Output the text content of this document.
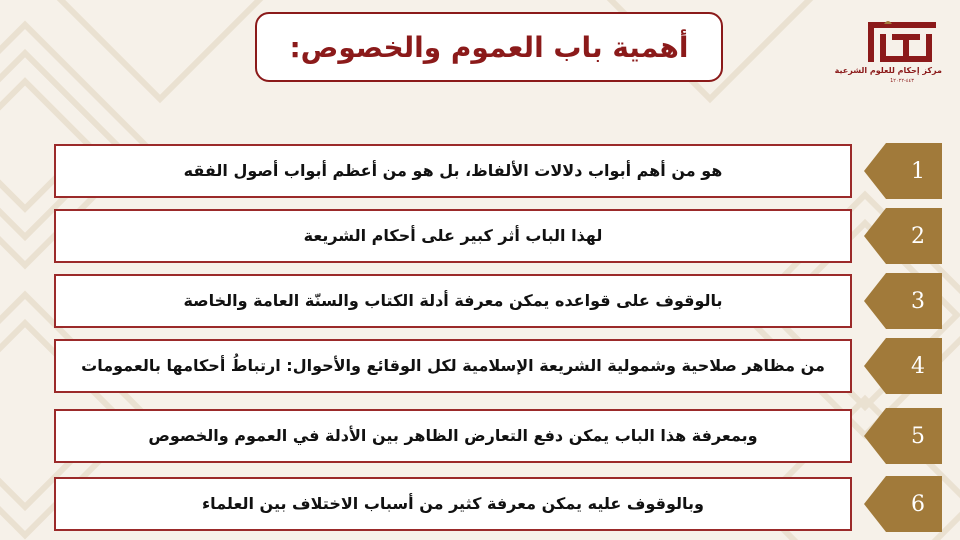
أهمية باب العموم والخصوص:
مركز إحكام للعلوم الشرعية
1٤٤٣-٢٠٢٢
هو من أهم أبواب دلالات الألفاظ، بل هو من أعظم أبواب أصول الفقه	1
لهذا الباب أثر كبير على أحكام الشريعة	2
بالوقوف على قواعده يمكن معرفة أدلة الكتاب والسنّة العامة والخاصة	3
من مظاهر صلاحية وشمولية الشريعة الإسلامية لكل الوقائع والأحوال: ارتباطُ أحكامها بالعمومات	4
وبمعرفة هذا الباب يمكن دفع التعارض الظاهر بين الأدلة في العموم والخصوص	5
وبالوقوف عليه يمكن معرفة كثير من أسباب الاختلاف بين العلماء	6
